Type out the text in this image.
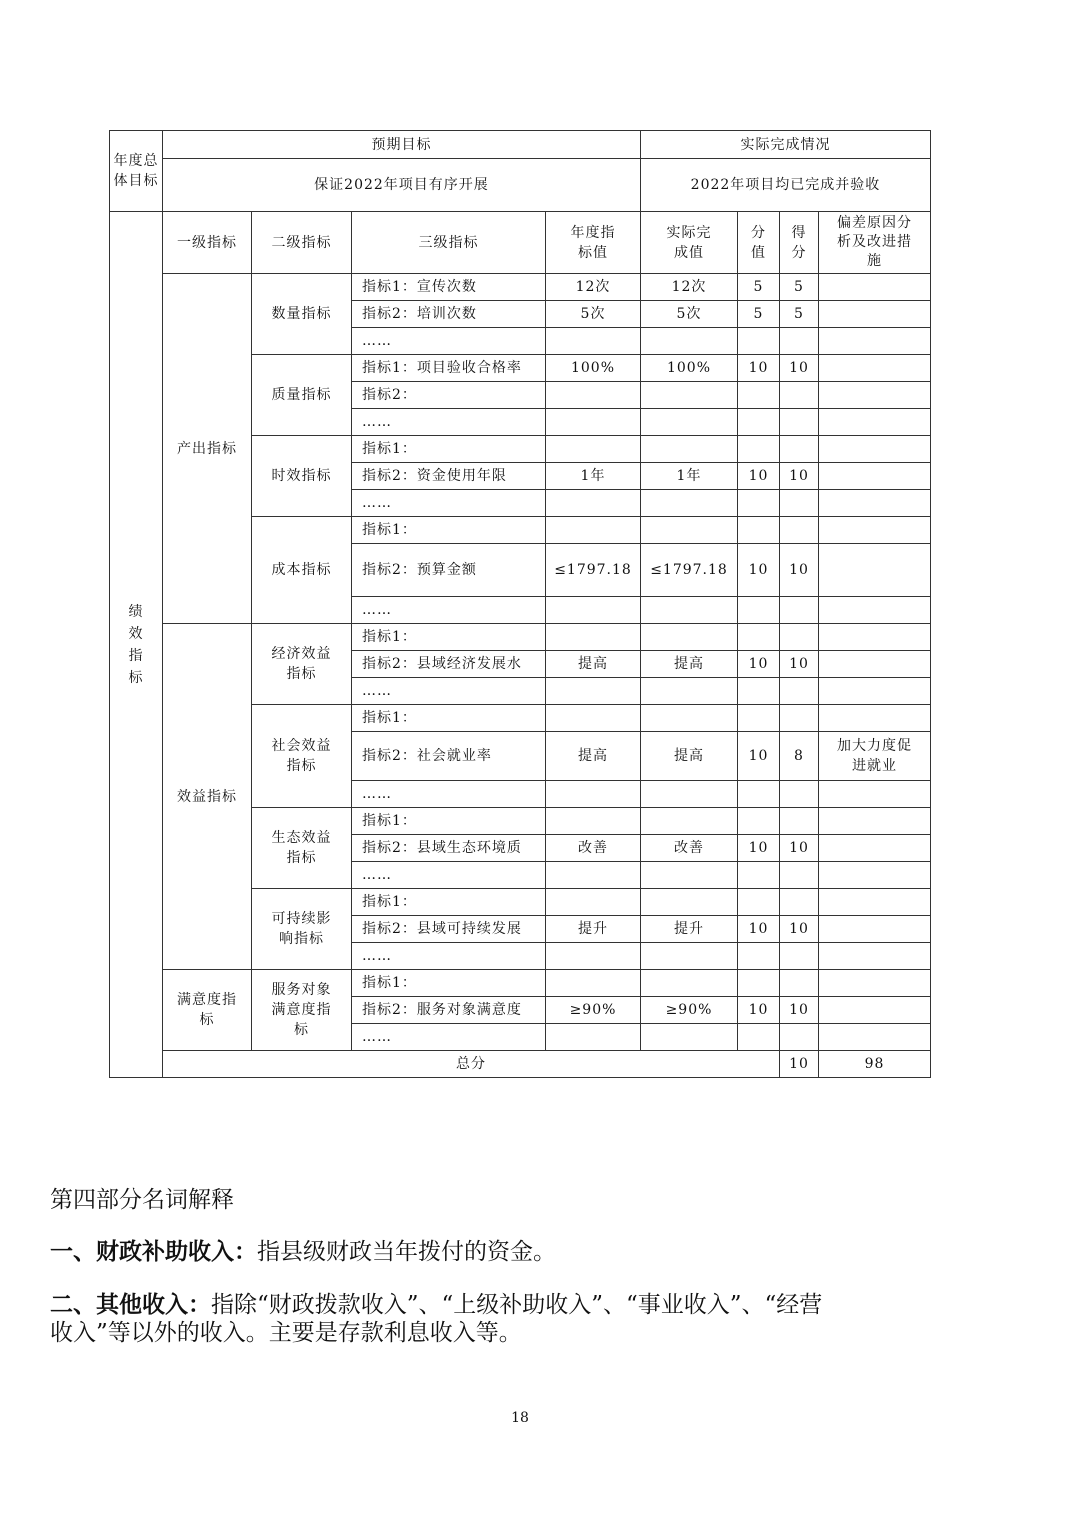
年度总体目标	预期目标				实际完成情况				
	保证2022年项目有序开展				2022年项目均已完成并验收				

绩效指标	一级指标	二级指标	三级指标	年度指标值	实际完成值	分值	得分	偏差原因分析及改进措施	

	产出指标	数量指标	指标1：宣传次数	12次	12次	5	5		

			指标2：培训次数	5次	5次	5	5		

			……						

		质量指标	指标1：项目验收合格率	100%	100%	10	10		

			指标2：						

			……						

		时效指标	指标1：						

			指标2：资金使用年限	1年	1年	10	10		

			……						

		成本指标	指标1：						

			指标2：预算金额	≤1797.18	≤1797.18	10	10		

			……						

	效益指标	经济效益指标	指标1：						

			指标2：县域经济发展水	提高	提高	10	10		

			……						

		社会效益指标	指标1：						

			指标2：社会就业率	提高	提高	10	8	加大力度促进就业	

			……						

		生态效益指标	指标1：						

			指标2：县域生态环境质	改善	改善	10	10		

			……						

		可持续影响指标	指标1：						

			指标2：县域可持续发展	提升	提升	10	10		

			……						

	满意度指标	服务对象满意度指标	指标1：						

			指标2：服务对象满意度	≥90%	≥90%	10	10		

			……						

	总分						10	98	
第四部分名词解释
一、财政补助收入：指县级财政当年拨付的资金。
二、其他收入：指除“财政拨款收入”、“上级补助收入”、“事业收入”、“经营
收入”等以外的收入。主要是存款利息收入等。
18
